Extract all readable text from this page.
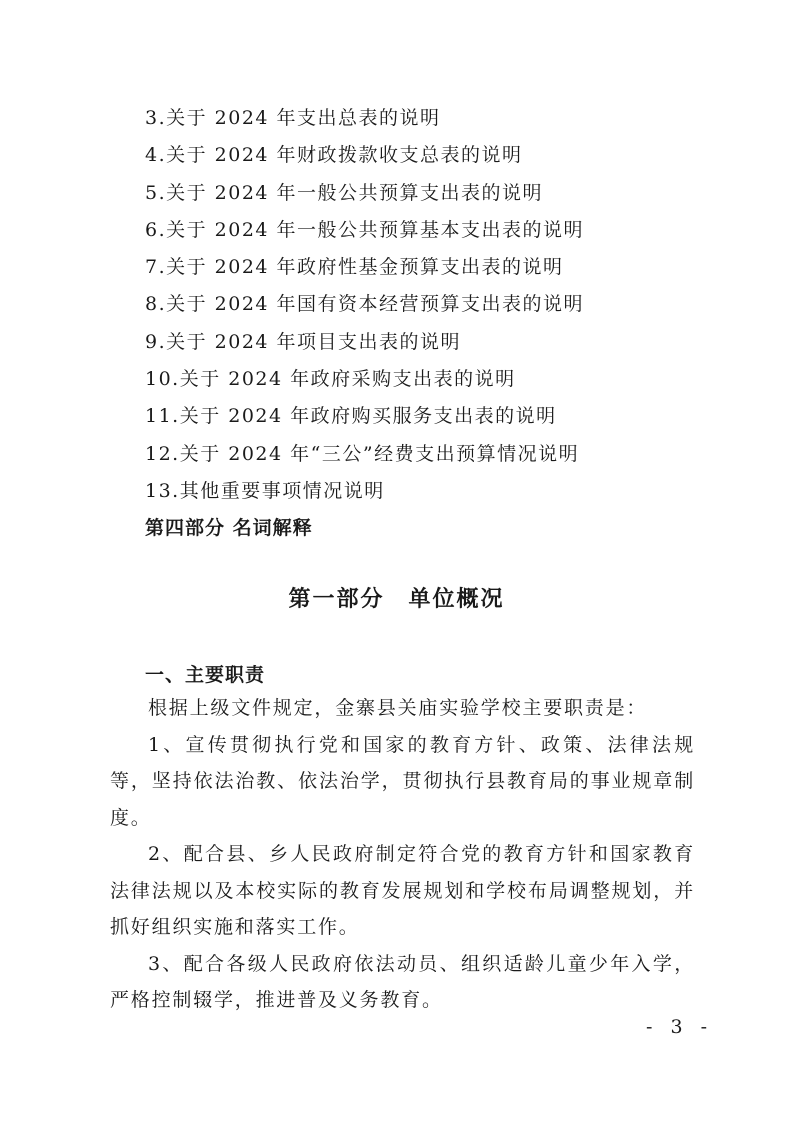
3.关于 2024 年支出总表的说明
4.关于 2024 年财政拨款收支总表的说明
5.关于 2024 年一般公共预算支出表的说明
6.关于 2024 年一般公共预算基本支出表的说明
7.关于 2024 年政府性基金预算支出表的说明
8.关于 2024 年国有资本经营预算支出表的说明
9.关于 2024 年项目支出表的说明
10.关于 2024 年政府采购支出表的说明
11.关于 2024 年政府购买服务支出表的说明
12.关于 2024 年“三公”经费支出预算情况说明
13.其他重要事项情况说明
第四部分 名词解释
第一部分 单位概况
一、主要职责

根据上级文件规定，金寨县关庙实验学校主要职责是：

1、宣传贯彻执行党和国家的教育方针、政策、法律法规等，坚持依法治教、依法治学，贯彻执行县教育局的事业规章制度。

2、配合县、乡人民政府制定符合党的教育方针和国家教育法律法规以及本校实际的教育发展规划和学校布局调整规划，并抓好组织实施和落实工作。

3、配合各级人民政府依法动员、组织适龄儿童少年入学，严格控制辍学，推进普及义务教育。

- 3 -
